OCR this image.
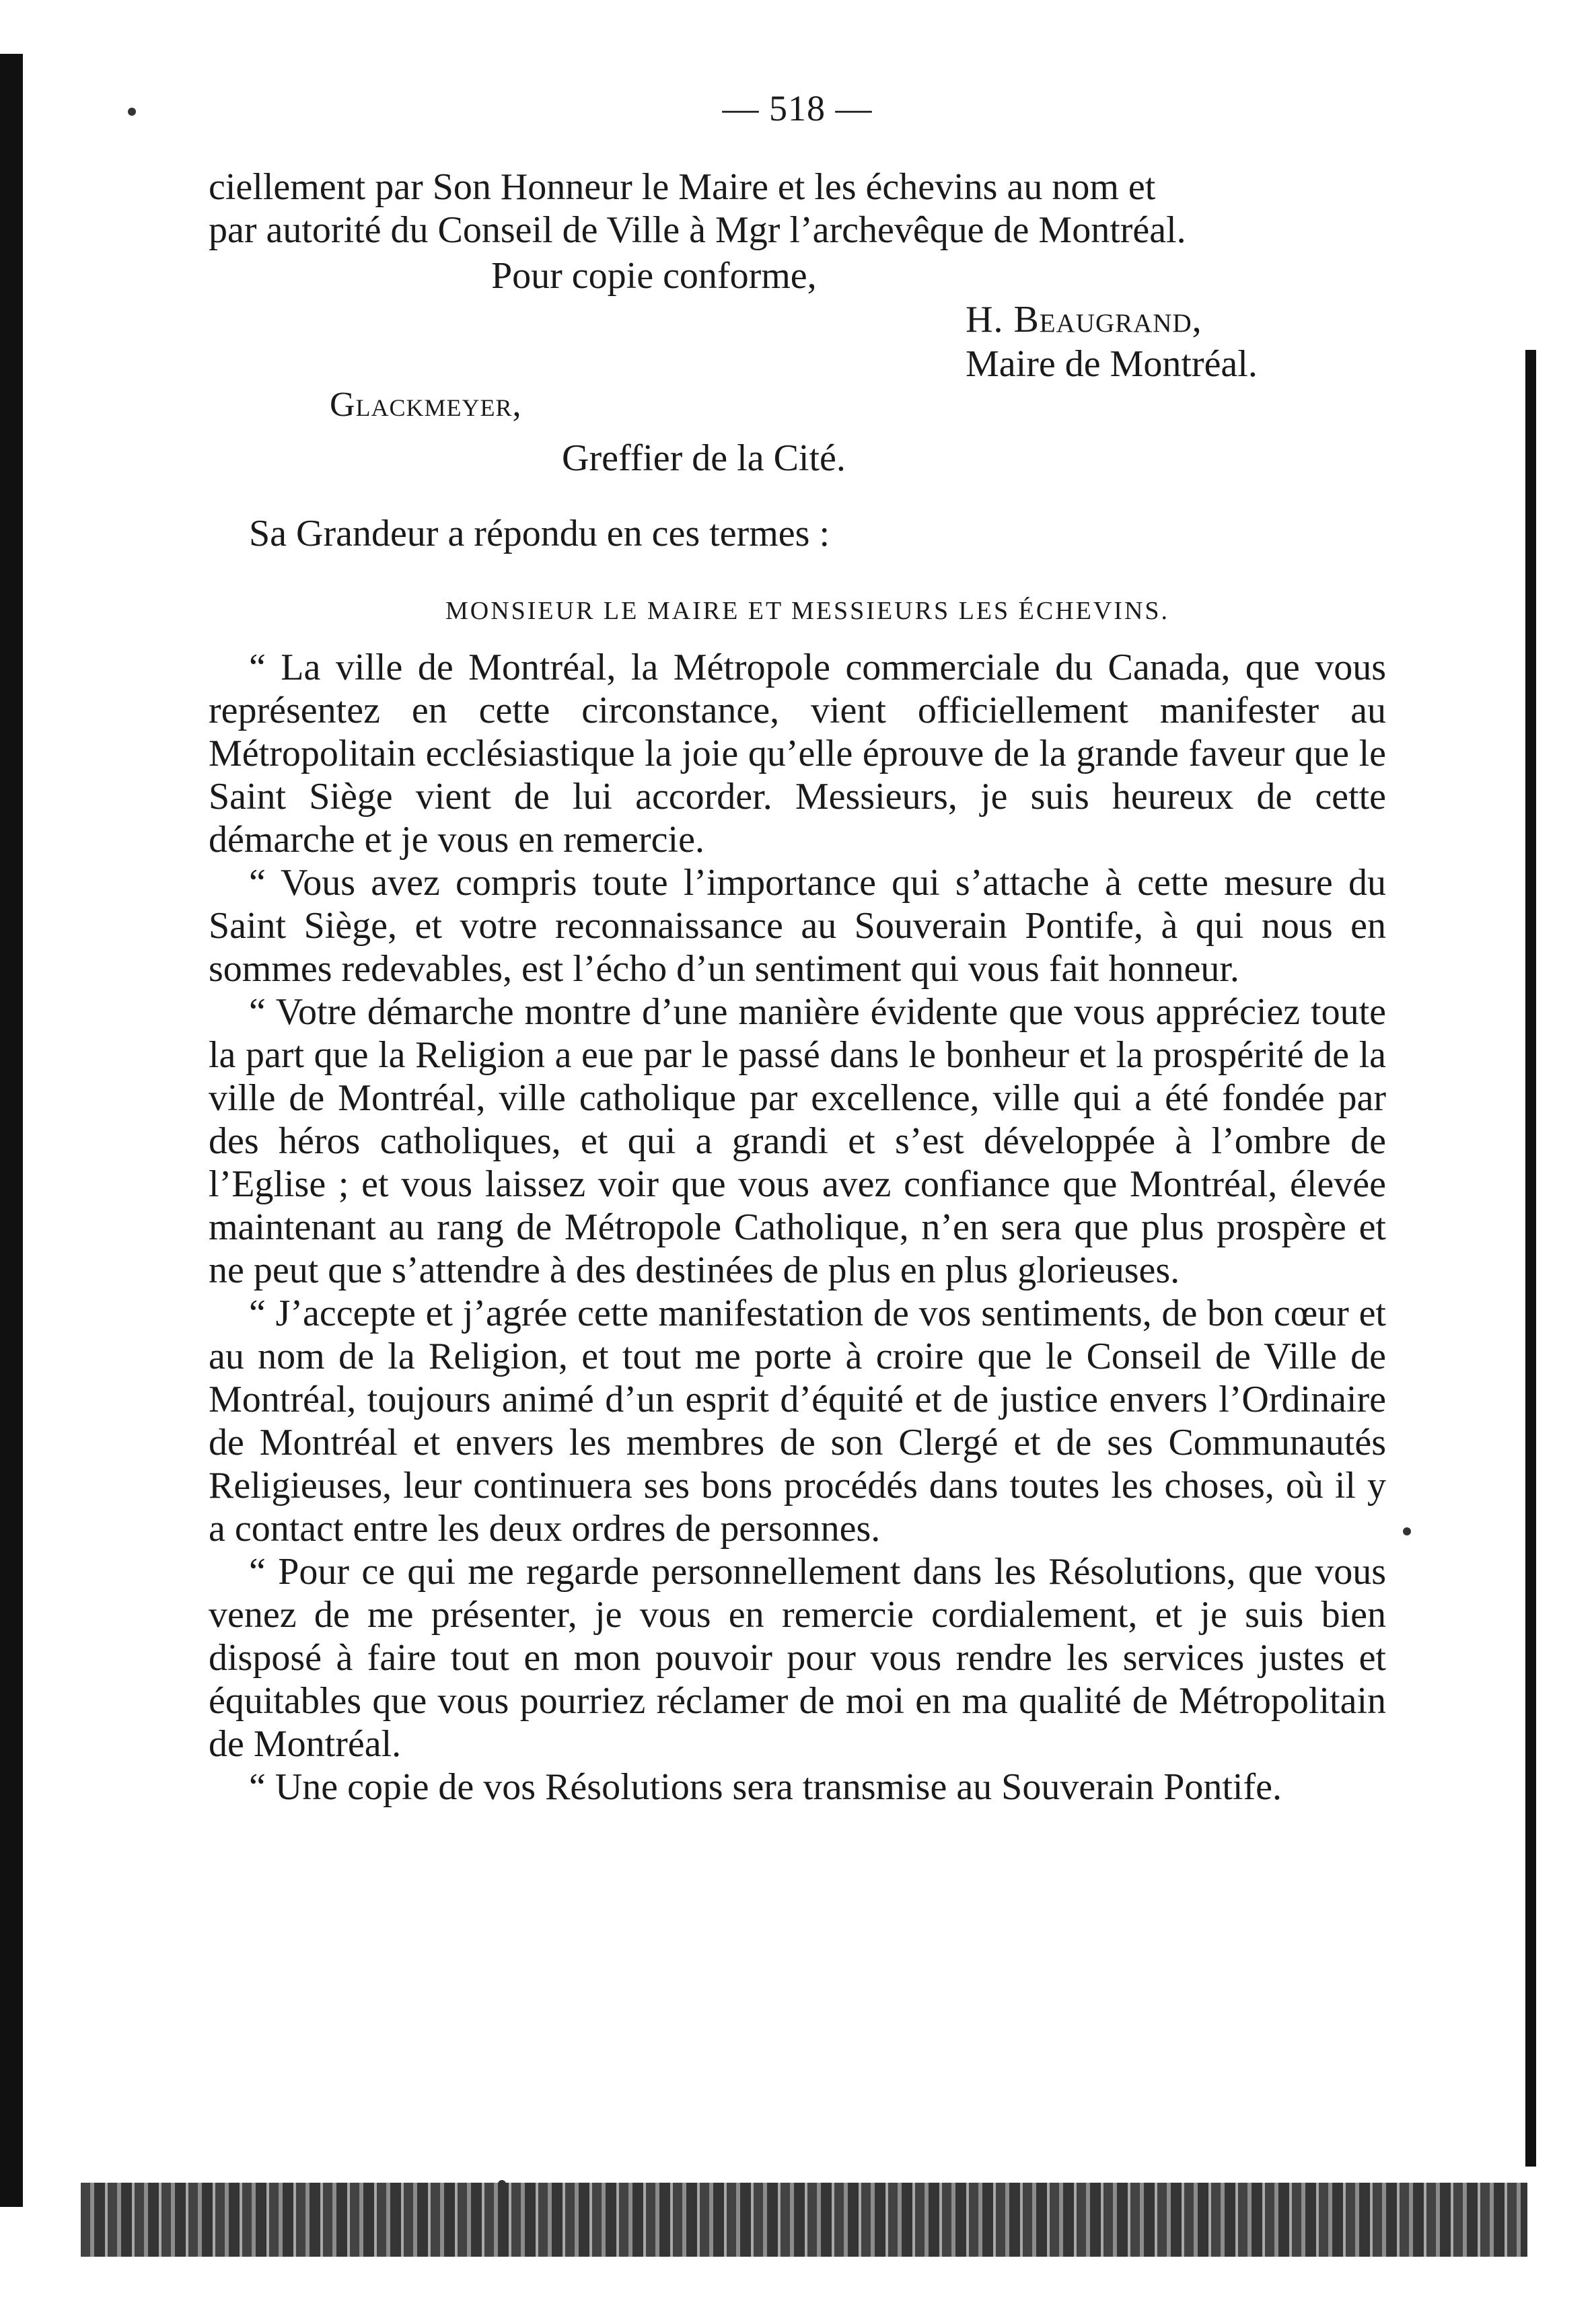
— 518 —
ciellement par Son Honneur le Maire et les échevins au nom et
par autorité du Conseil de Ville à Mgr l’archevêque de Montréal.
Pour copie conforme,
H. Beaugrand,
Maire de Montréal.
Glackmeyer,
Greffier de la Cité.
Sa Grandeur a répondu en ces termes :
MONSIEUR LE MAIRE ET MESSIEURS LES ÉCHEVINS.

“ La ville de Montréal, la Métropole commerciale du Canada, que vous représentez en cette circonstance, vient officiellement manifester au Métropolitain ecclésiastique la joie qu’elle éprouve de la grande faveur que le Saint Siège vient de lui accorder. Messieurs, je suis heureux de cette démarche et je vous en remercie.

“ Vous avez compris toute l’importance qui s’attache à cette mesure du Saint Siège, et votre reconnaissance au Souverain Pontife, à qui nous en sommes redevables, est l’écho d’un sentiment qui vous fait honneur.

“ Votre démarche montre d’une manière évidente que vous appréciez toute la part que la Religion a eue par le passé dans le bonheur et la prospérité de la ville de Montréal, ville catholique par excellence, ville qui a été fondée par des héros catholiques, et qui a grandi et s’est développée à l’ombre de l’Eglise ; et vous laissez voir que vous avez confiance que Montréal, élevée maintenant au rang de Métropole Catholique, n’en sera que plus prospère et ne peut que s’attendre à des destinées de plus en plus glorieuses.

“ J’accepte et j’agrée cette manifestation de vos sentiments, de bon cœur et au nom de la Religion, et tout me porte à croire que le Conseil de Ville de Montréal, toujours animé d’un esprit d’équité et de justice envers l’Ordinaire de Montréal et envers les membres de son Clergé et de ses Communautés Religieuses, leur continuera ses bons procédés dans toutes les choses, où il y a contact entre les deux ordres de personnes.

“ Pour ce qui me regarde personnellement dans les Résolutions, que vous venez de me présenter, je vous en remercie cordialement, et je suis bien disposé à faire tout en mon pouvoir pour vous rendre les services justes et équitables que vous pourriez réclamer de moi en ma qualité de Métropolitain de Montréal.

“ Une copie de vos Résolutions sera transmise au Souverain Pontife.
